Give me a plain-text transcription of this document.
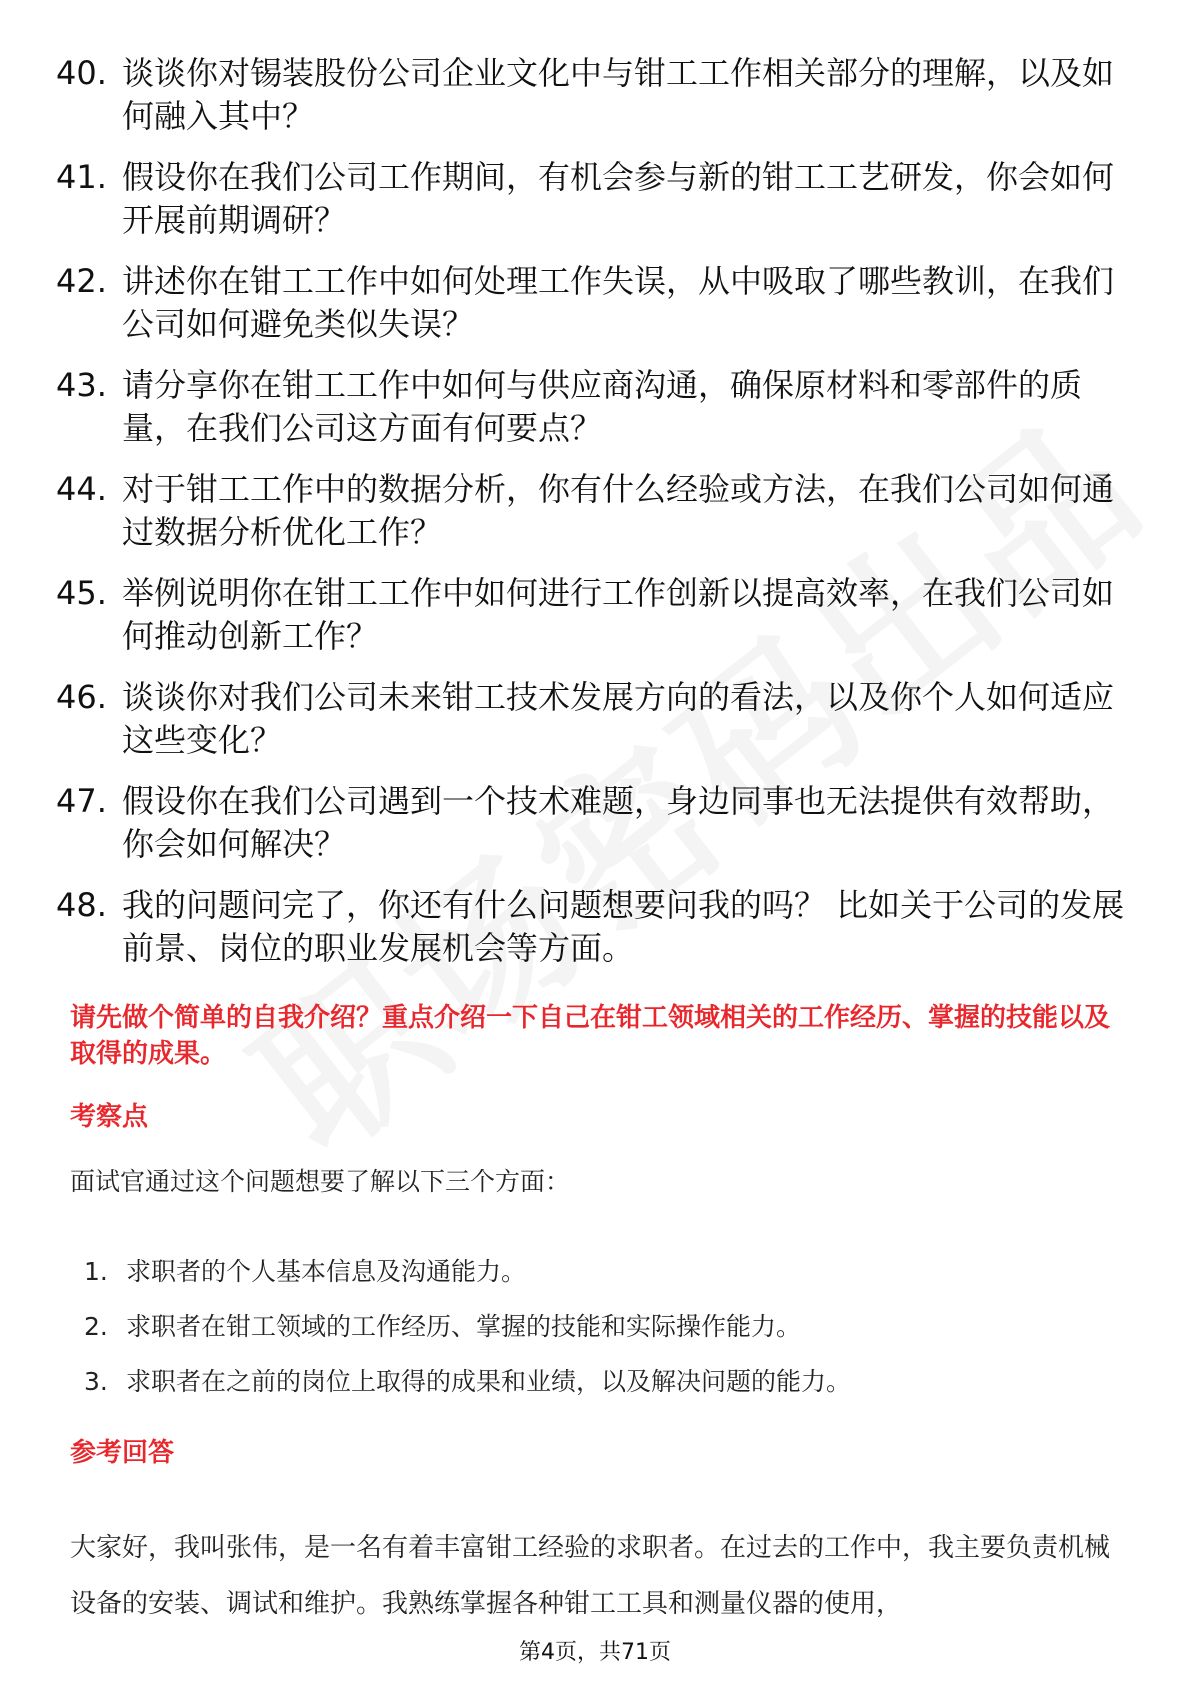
40. 谈谈你对锡装股份公司企业文化中与钳工工作相关部分的理解，以及如何融入其中？
41. 假设你在我们公司工作期间，有机会参与新的钳工工艺研发，你会如何开展前期调研？
42. 讲述你在钳工工作中如何处理工作失误，从中吸取了哪些教训，在我们公司如何避免类似失误？
43. 请分享你在钳工工作中如何与供应商沟通，确保原材料和零部件的质量，在我们公司这方面有何要点？
44. 对于钳工工作中的数据分析，你有什么经验或方法，在我们公司如何通过数据分析优化工作？
45. 举例说明你在钳工工作中如何进行工作创新以提高效率，在我们公司如何推动创新工作？
46. 谈谈你对我们公司未来钳工技术发展方向的看法，以及你个人如何适应这些变化？
47. 假设你在我们公司遇到一个技术难题，身边同事也无法提供有效帮助，你会如何解决？
48. 我的问题问完了，你还有什么问题想要问我的吗？ 比如关于公司的发展前景、岗位的职业发展机会等方面。
请先做个简单的自我介绍？重点介绍一下自己在钳工领域相关的工作经历、掌握的技能以及取得的成果。
考察点
面试官通过这个问题想要了解以下三个方面：
1. 求职者的个人基本信息及沟通能力。
2. 求职者在钳工领域的工作经历、掌握的技能和实际操作能力。
3. 求职者在之前的岗位上取得的成果和业绩，以及解决问题的能力。
参考回答
大家好，我叫张伟，是一名有着丰富钳工经验的求职者。在过去的工作中，我主要负责机械设备的安装、调试和维护。我熟练掌握各种钳工工具和测量仪器的使用，
第4页，共71页
